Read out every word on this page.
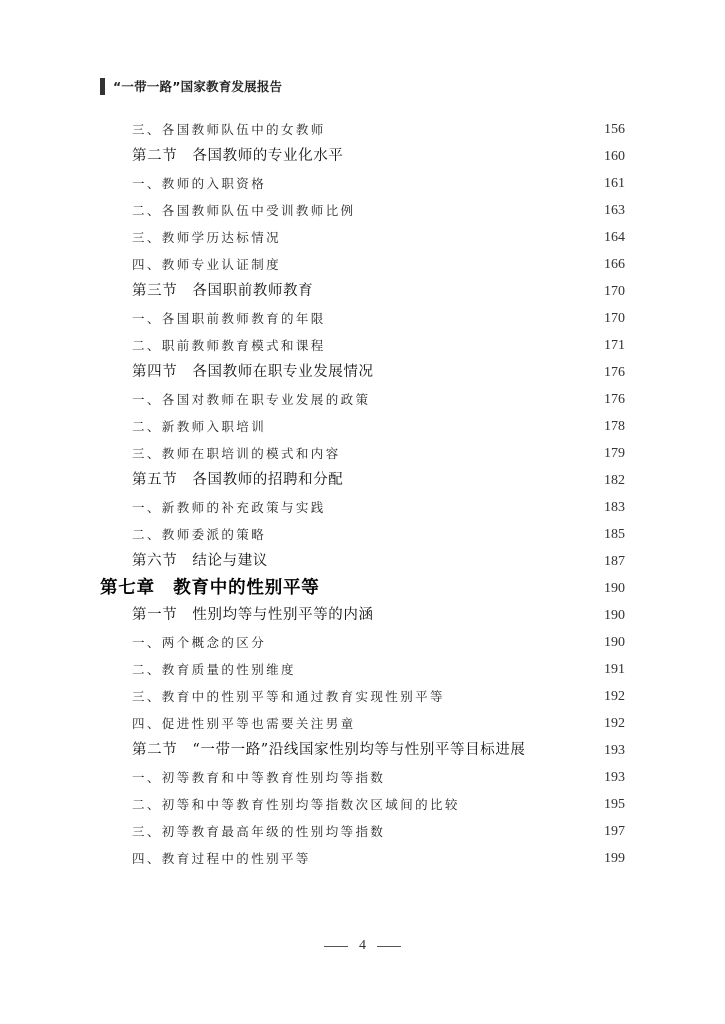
“一带一路”国家教育发展报告
三、各国教师队伍中的女教师	156
第二节　各国教师的专业化水平	160
一、教师的入职资格	161
二、各国教师队伍中受训教师比例	163
三、教师学历达标情况	164
四、教师专业认证制度	166
第三节　各国职前教师教育	170
一、各国职前教师教育的年限	170
二、职前教师教育模式和课程	171
第四节　各国教师在职专业发展情况	176
一、各国对教师在职专业发展的政策	176
二、新教师入职培训	178
三、教师在职培训的模式和内容	179
第五节　各国教师的招聘和分配	182
一、新教师的补充政策与实践	183
二、教师委派的策略	185
第六节　结论与建议	187
第七章　教育中的性别平等	190
第一节　性别均等与性别平等的内涵	190
一、两个概念的区分	190
二、教育质量的性别维度	191
三、教育中的性别平等和通过教育实现性别平等	192
四、促进性别平等也需要关注男童	192
第二节　“一带一路”沿线国家性别均等与性别平等目标进展	193
一、初等教育和中等教育性别均等指数	193
二、初等和中等教育性别均等指数次区域间的比较	195
三、初等教育最高年级的性别均等指数	197
四、教育过程中的性别平等	199
4
